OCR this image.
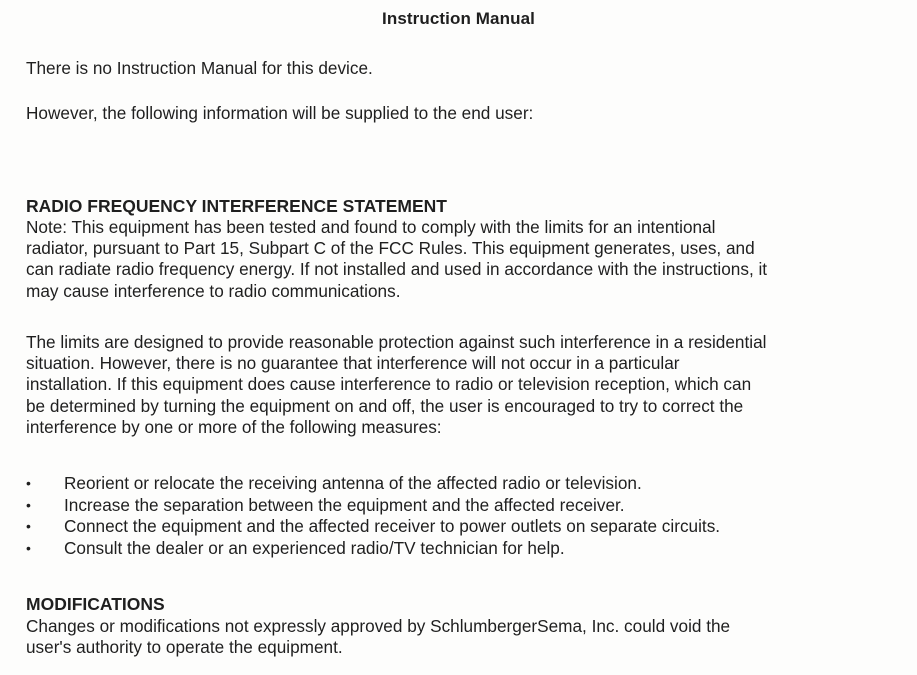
Instruction Manual
There is no Instruction Manual for this device.
However, the following information will be supplied to the end user:
RADIO FREQUENCY INTERFERENCE STATEMENT
Note: This equipment has been tested and found to comply with the limits for an intentional
radiator, pursuant to Part 15, Subpart C of the FCC Rules. This equipment generates, uses, and
can radiate radio frequency energy. If not installed and used in accordance with the instructions, it
may cause interference to radio communications.
The limits are designed to provide reasonable protection against such interference in a residential
situation. However, there is no guarantee that interference will not occur in a particular
installation. If this equipment does cause interference to radio or television reception, which can
be determined by turning the equipment on and off, the user is encouraged to try to correct the
interference by one or more of the following measures:
•	Reorient or relocate the receiving antenna of the affected radio or television.
•	Increase the separation between the equipment and the affected receiver.
•	Connect the equipment and the affected receiver to power outlets on separate circuits.
•	Consult the dealer or an experienced radio/TV technician for help.
MODIFICATIONS
Changes or modifications not expressly approved by SchlumbergerSema, Inc. could void the
user's authority to operate the equipment.
